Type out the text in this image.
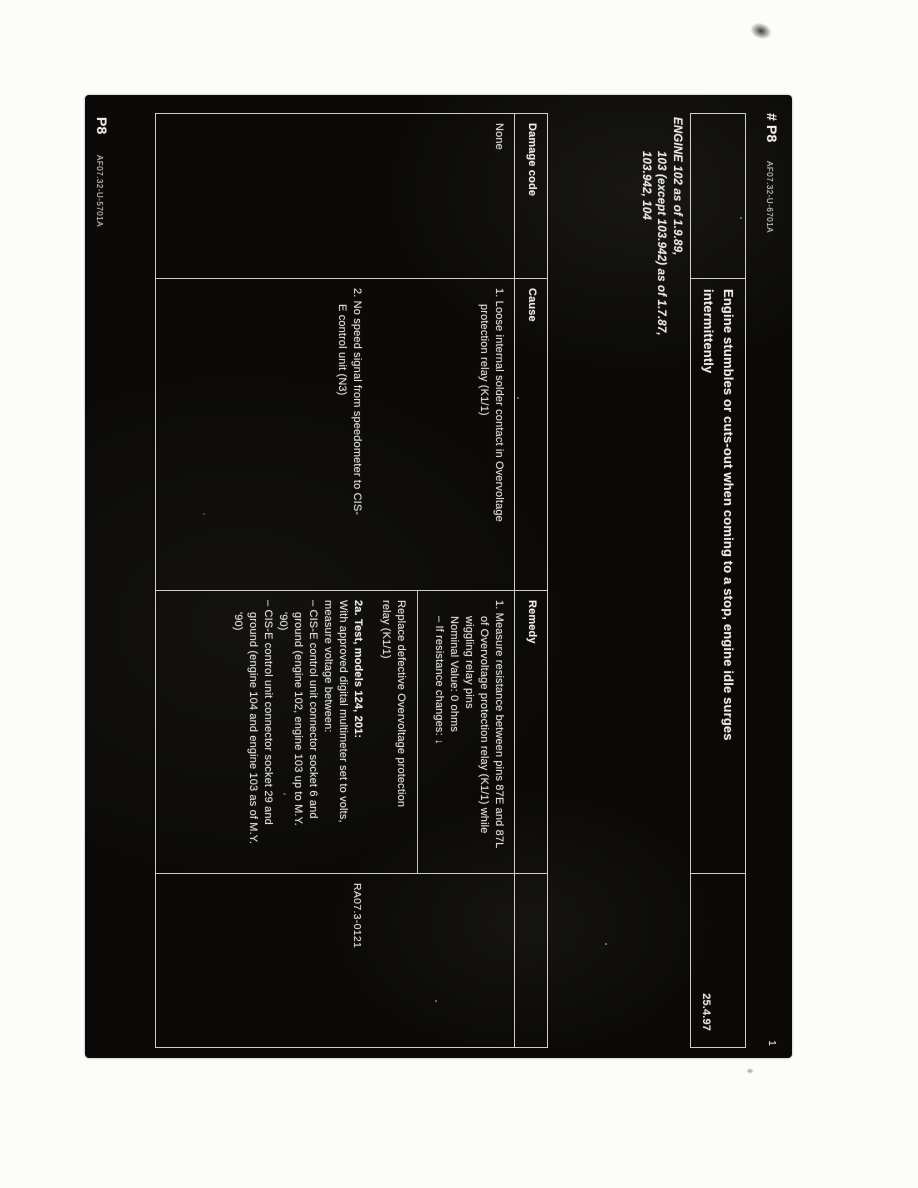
# P8 AF07.32-U-6701A
1
Engine stumbles or cuts-out when coming to a stop, engine idle surges
intermittently
25.4.97
ENGINE 102 as of 1.9.89,
103 (except 103.942) as of 1.7.87,
103.942, 104
Damage code
Cause
Remedy
None
1. Loose internal solder contact in Overvoltage protection relay (K1/1)
2. No speed signal from speedometer to CIS-E control unit (N3)
1. Measure resistance between pins 87E and 87L of Overvoltage protection relay (K1/1) while wiggling relay pins
Nominal Value: 0 ohms
– If resistance changes: ↓
Replace defective Overvoltage protection relay (K1/1)
2a. Test, models 124, 201:
With approved digital multimeter set to volts, measure voltage between:
– CIS-E control unit connector socket 6 and ground (engine 102, engine 103 up to M.Y. '90)
– CIS-E control unit connector socket 29 and ground (engine 104 and engine 103 as of M.Y. '90)
RA07.3-0121
P8 AF07.32-U-5701A
